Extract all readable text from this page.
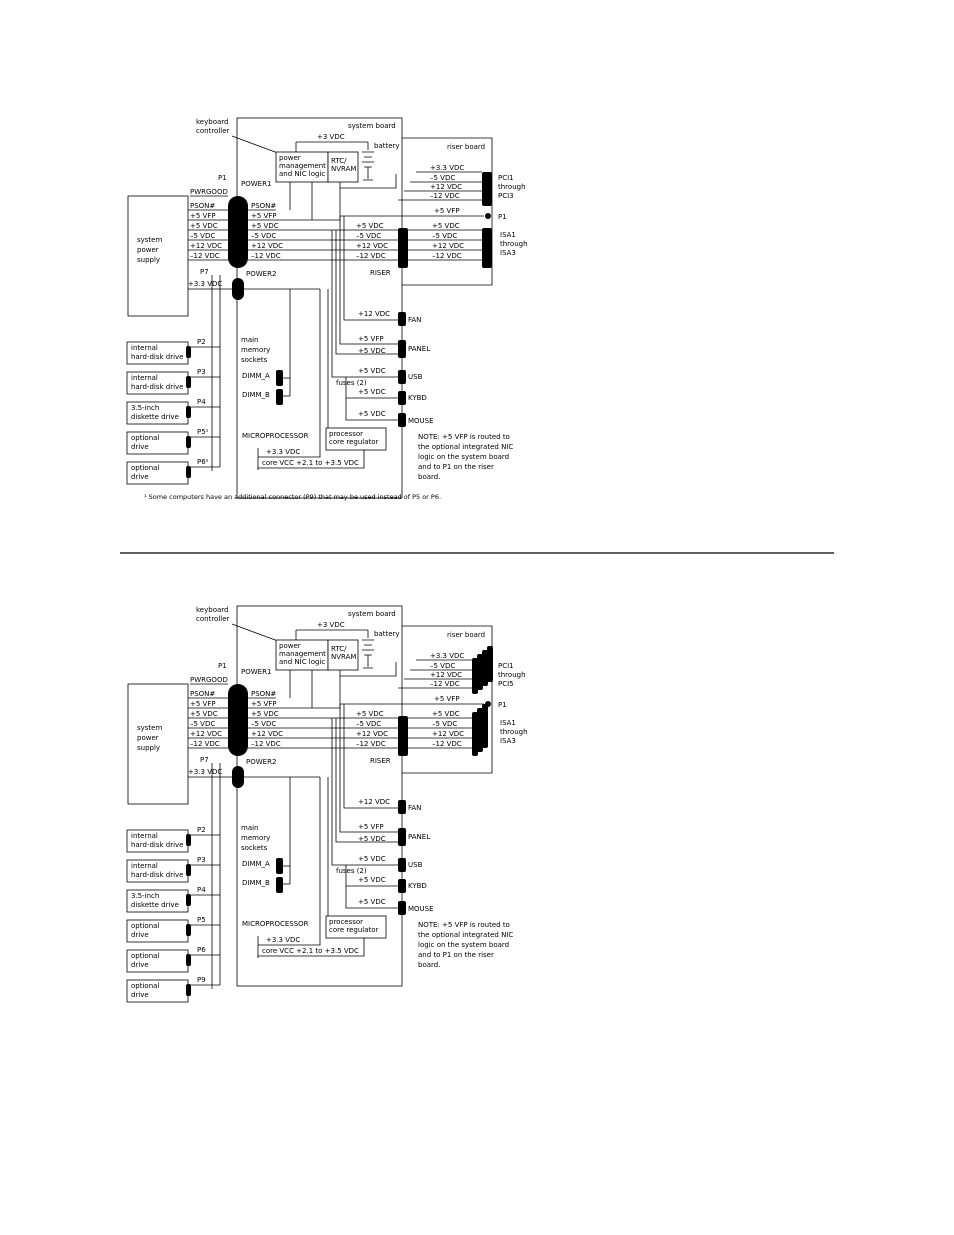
system board
riser board
keyboard
controller
+3 VDC
battery
power
management
and NIC logic
RTC/
NVRAM
P1
PWRGOOD
POWER1
system
power
supply
PSON#
+5 VFP
+5 VDC
–5 VDC
+12 VDC
–12 VDC
PSON#
+5 VFP
+5 VDC
–5 VDC
+12 VDC
–12 VDC
+5 VDC
–5 VDC
+12 VDC
–12 VDC
RISER
+5 VDC
–5 VDC
+12 VDC
–12 VDC
ISA1
through
ISA3
+3.3 VDC
–5 VDC
+12 VDC
–12 VDC
PCI1
through
PCI3
+5 VFP
P1
P7
+3.3 VDC
POWER2
+12 VDC
FAN
+5 VFP
+5 VDC	PANEL
+5 VDC
USB
fuses (2)
+5 VDC
KYBD
+5 VDC
MOUSE
main
memory
sockets
DIMM_A
DIMM_B
MICROPROCESSOR	processor
core regulator
+3.3 VDC
core VCC +2.1 to +3.5 VDC
NOTE: +5 VFP is routed to
the optional integrated NIC
logic on the system board
and to P1 on the riser
board.
internal
hard-disk drive
P2
internal
hard-disk drive
P3
3.5-inch
diskette drive
P4
optional
drive
P5¹
optional
drive
P6¹
¹ Some computers have an additional connector (P9) that may be used instead of P5 or P6.
system board
riser board
keyboard
controller
+3 VDC
battery
power
management
and NIC logic
RTC/
NVRAM
P1
PWRGOOD
POWER1
system
power
supply
PSON#
+5 VFP
+5 VDC
–5 VDC
+12 VDC
–12 VDC
PSON#
+5 VFP
+5 VDC
–5 VDC
+12 VDC
–12 VDC
+5 VDC
–5 VDC
+12 VDC
–12 VDC
RISER
+5 VDC
–5 VDC
+12 VDC
–12 VDC
ISA1
through
ISA3
+3.3 VDC
–5 VDC
+12 VDC
–12 VDC
PCI1
through
PCI5
+5 VFP
P1
P7
+3.3 VDC
POWER2
+12 VDC
FAN
+5 VFP
+5 VDC	PANEL
+5 VDC
USB
fuses (2)
+5 VDC
KYBD
+5 VDC
MOUSE
main
memory
sockets
DIMM_A
DIMM_B
MICROPROCESSOR	processor
core regulator
+3.3 VDC
core VCC +2.1 to +3.5 VDC
NOTE: +5 VFP is routed to
the optional integrated NIC
logic on the system board
and to P1 on the riser
board.
internal
hard-disk drive
P2
internal
hard-disk drive
P3
3.5-inch
diskette drive
P4
optional
drive
P5
optional
drive
P6
optional
drive
P9
